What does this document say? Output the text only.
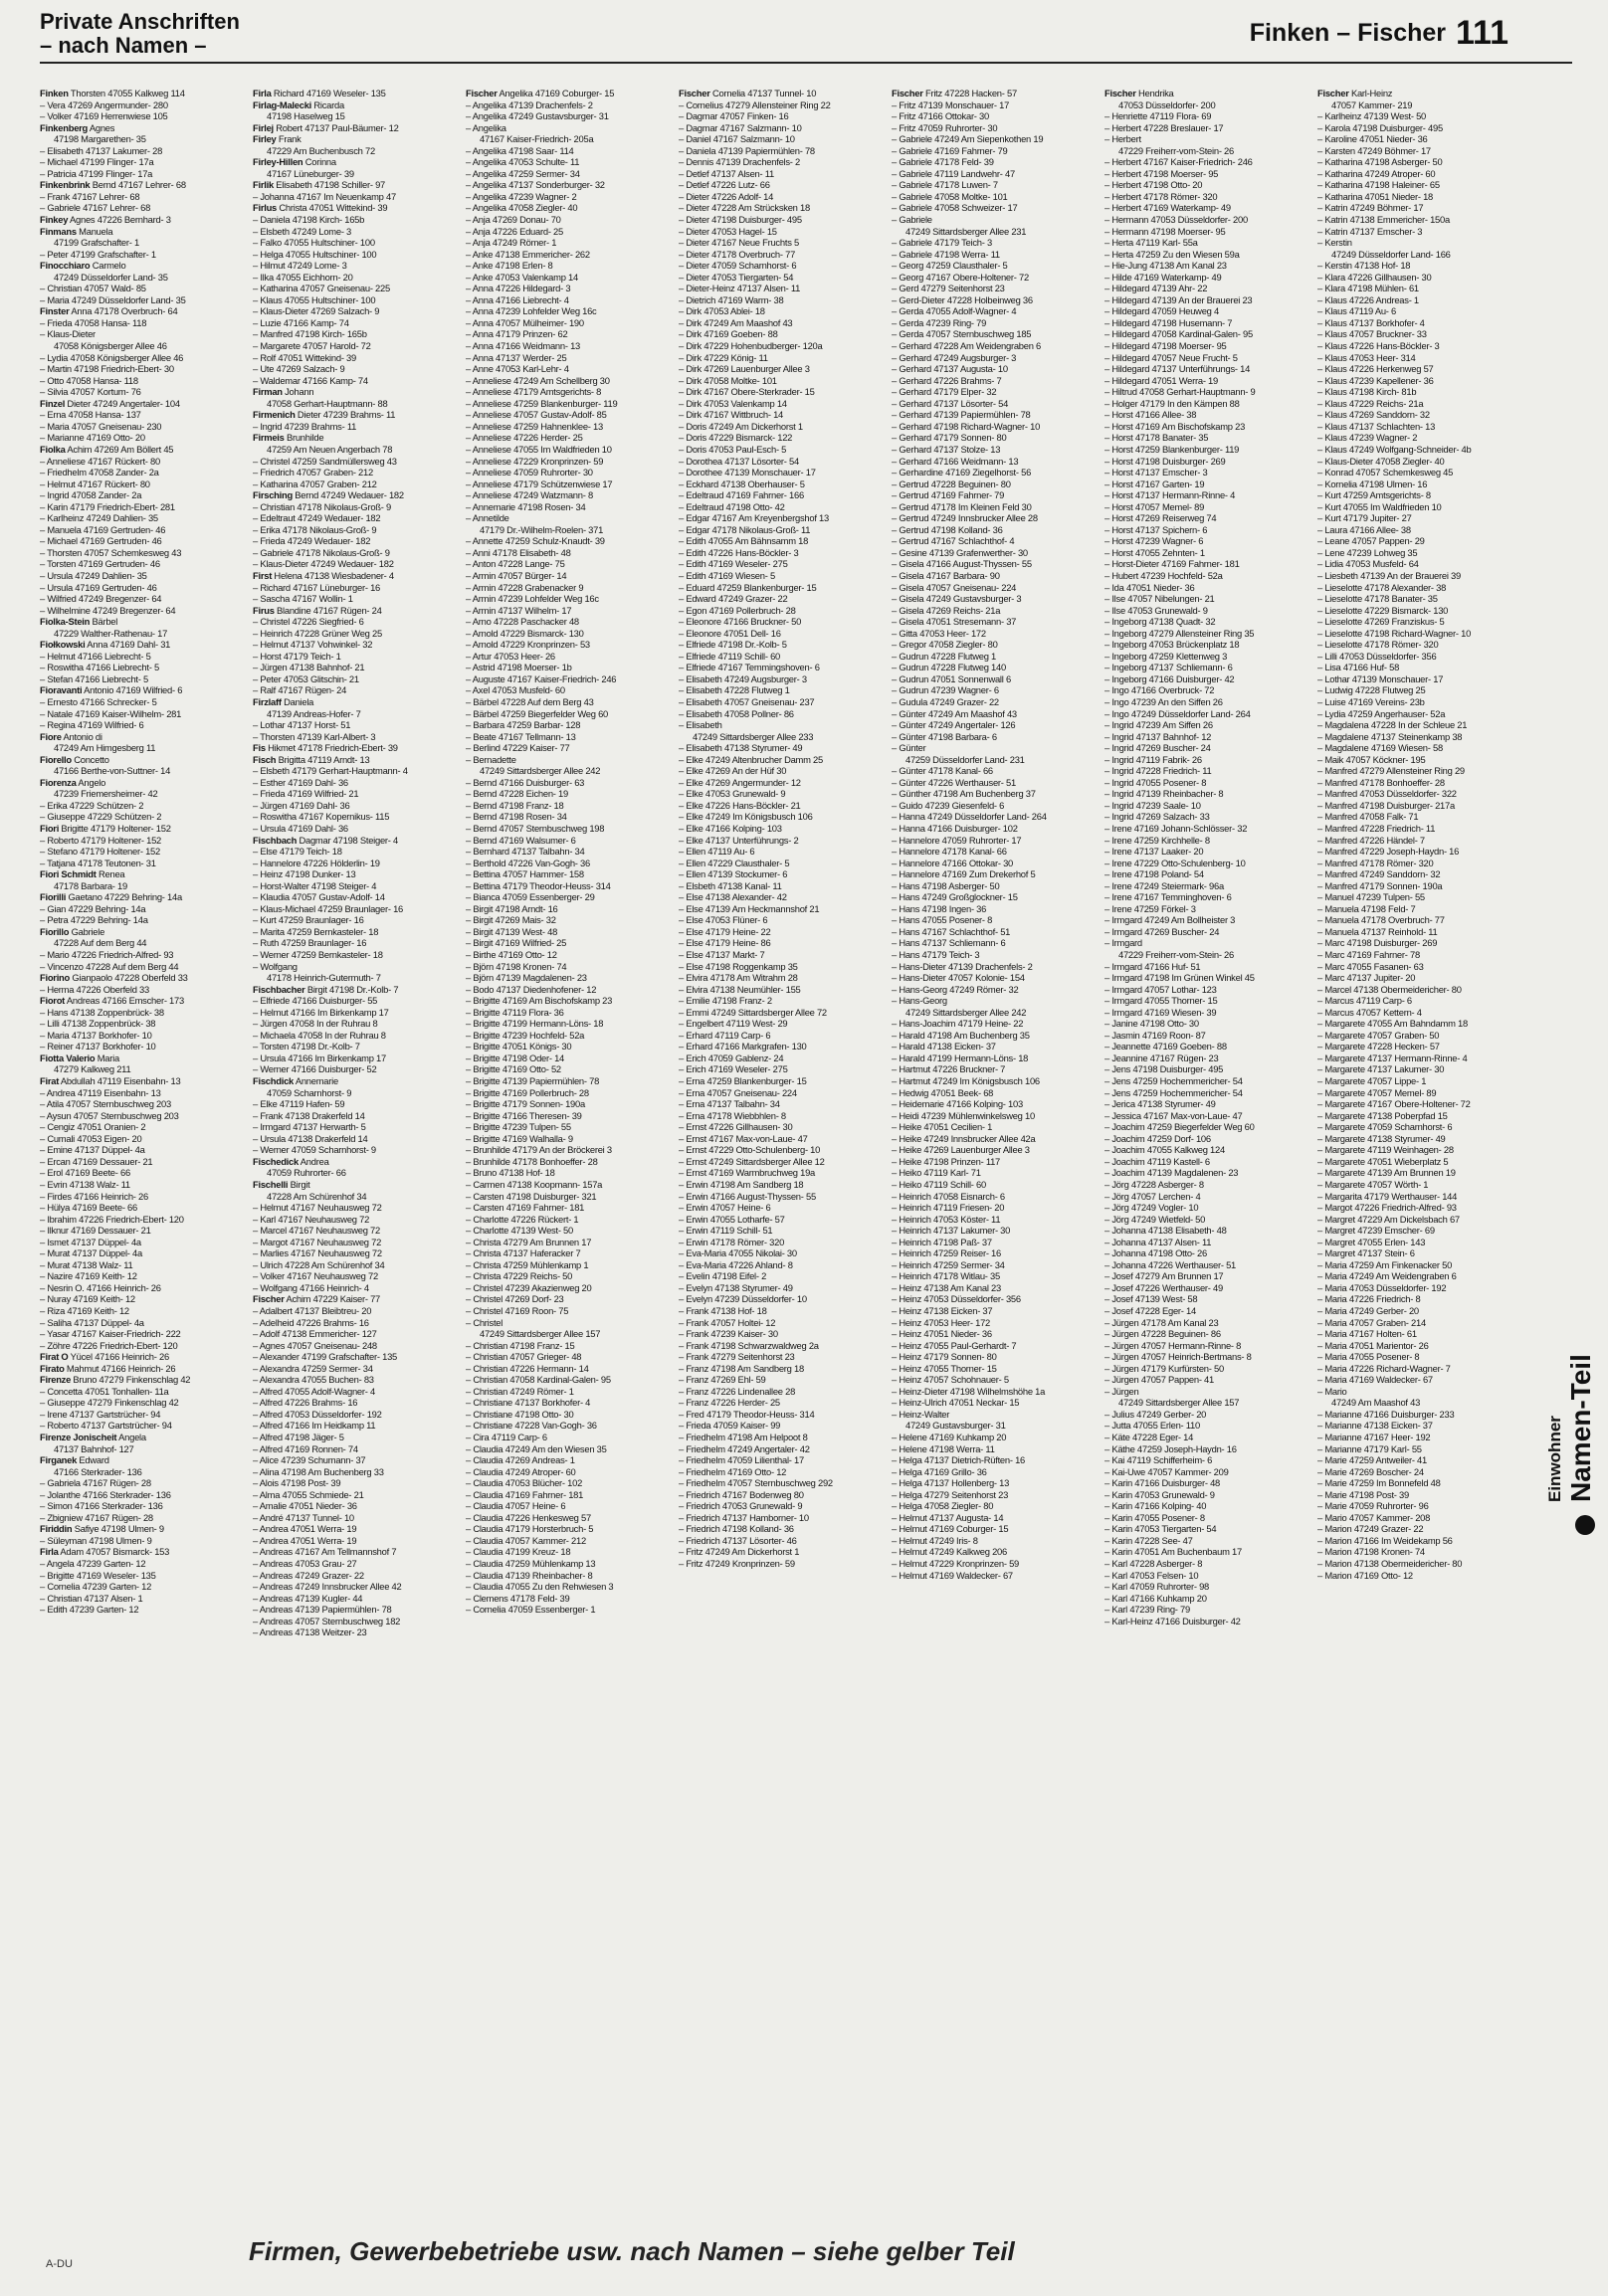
Private Anschriften
– nach Namen –	Finken – Fischer 111
Finken Thorsten 47055 Kalkweg 114
– Vera 47269 Angermunder- 280
– Volker 47169 Herrenwiese 105
Finkenberg Agnes
47198 Margarethen- 35
– Elisabeth 47137 Lakumer- 28
– Michael 47199 Flinger- 17a
– Patricia 47199 Flinger- 17a
Finkenbrink Bernd 47167 Lehrer- 68
– Frank 47167 Lehrer- 68
– Gabriele 47167 Lehrer- 68
Finkey Agnes 47226 Bernhard- 3
Finmans Manuela
47199 Grafschafter- 1
– Peter 47199 Grafschafter- 1
Finocchiaro Carmelo
47249 Düsseldorfer Land- 35
– Christian 47057 Wald- 85
– Maria 47249 Düsseldorfer Land- 35
Finster Anna 47178 Overbruch- 64
– Frieda 47058 Hansa- 118
– Klaus-Dieter
47058 Königsberger Allee 46
– Lydia 47058 Königsberger Allee 46
– Martin 47198 Friedrich-Ebert- 30
– Otto 47058 Hansa- 118
– Silvia 47057 Kortum- 76
Finzel Dieter 47249 Angertaler- 104
– Erna 47058 Hansa- 137
– Maria 47057 Gneisenau- 230
– Marianne 47169 Otto- 20
Fiolka Achim 47269 Am Böllert 45
– Anneliese 47167 Rückert- 80
– Friedhelm 47058 Zander- 2a
– Helmut 47167 Rückert- 80
– Ingrid 47058 Zander- 2a
– Karin 47179 Friedrich-Ebert- 281
– Karlheinz 47249 Dahlien- 35
– Manuela 47169 Gertruden- 46
– Michael 47169 Gertruden- 46
– Thorsten 47057 Schemkesweg 43
– Torsten 47169 Gertruden- 46
– Ursula 47249 Dahlien- 35
– Ursula 47169 Gertruden- 46
– Wilfried 47249 Bregenzer- 64
– Wilhelmine 47249 Bregenzer- 64
Fiolka-Stein Bärbel
47229 Walther-Rathenau- 17
Fiołkowski Anna 47169 Dahl- 31
– Helmut 47166 Liebrecht- 5
– Roswitha 47166 Liebrecht- 5
– Stefan 47166 Liebrecht- 5
Fioravanti Antonio 47169 Wilfried- 6
– Ernesto 47166 Schrecker- 5
– Natale 47169 Kaiser-Wilhelm- 281
– Regina 47169 Wilfried- 6
Fiore Antonio di
47249 Am Himgesberg 11
Fiorello Concetto
47166 Berthe-von-Suttner- 14
Fiorenza Angelo
47239 Friemersheimer- 42
– Erika 47229 Schützen- 2
– Giuseppe 47229 Schützen- 2
Fiori Brigitte 47179 Holtener- 152
– Roberto 47179 Holtener- 152
– Stefano 47179 Holtener- 152
– Tatjana 47178 Teutonen- 31
Fiori Schmidt Renea
47178 Barbara- 19
Fiorilli Gaetano 47229 Behring- 14a
– Gian 47229 Behring- 14a
– Petra 47229 Behring- 14a
Fiorillo Gabriele
47228 Auf dem Berg 44
– Mario 47226 Friedrich-Alfred- 93
– Vincenzo 47228 Auf dem Berg 44
Fiorino Gianpaolo 47228 Oberfeld 33
– Herma 47226 Oberfeld 33
Fiorot Andreas 47166 Emscher- 173
– Hans 47138 Zoppenbrück- 38
– Lilli 47138 Zoppenbrück- 38
– Maria 47137 Borkhofer- 10
– Reiner 47137 Borkhofer- 10
Fiotta Valerio Maria
47279 Kalkweg 211
Firat Abdullah 47119 Eisenbahn- 13
– Andrea 47119 Eisenbahn- 13
– Atila 47057 Sternbuschweg 203
– Aysun 47057 Sternbuschweg 203
– Cengiz 47051 Oranien- 2
– Cumali 47053 Eigen- 20
– Emine 47137 Düppel- 4a
– Ercan 47169 Dessauer- 21
– Erol 47169 Beete- 66
– Evrin 47138 Walz- 11
– Firdes 47166 Heinrich- 26
– Hülya 47169 Beete- 66
– Ibrahim 47226 Friedrich-Ebert- 120
– Ilknur 47169 Dessauer- 21
– Ismet 47137 Düppel- 4a
– Murat 47137 Düppel- 4a
– Murat 47138 Walz- 11
– Nazire 47169 Keith- 12
– Nesrin O. 47166 Heinrich- 26
– Nuray 47169 Keith- 12
– Riza 47169 Keith- 12
– Saliha 47137 Düppel- 4a
– Yasar 47167 Kaiser-Friedrich- 222
– Zöhre 47226 Friedrich-Ebert- 120
Firat O Yücel 47166 Heinrich- 26
Firato Mahmut 47166 Heinrich- 26
Firenze Bruno 47279 Finkenschlag 42
– Concetta 47051 Tonhallen- 11a
– Giuseppe 47279 Finkenschlag 42
– Irene 47137 Gartstrücher- 94
– Roberto 47137 Gartstrücher- 94
Firenze Jonischeit Angela
47137 Bahnhof- 127
Firganek Edward
47166 Sterkrader- 136
– Gabriela 47167 Rügen- 28
– Jolanthe 47166 Sterkrader- 136
– Simon 47166 Sterkrader- 136
– Zbigniew 47167 Rügen- 28
Firiddin Safiye 47198 Ulmen- 9
– Süleyman 47198 Ulmen- 9
Firla Adam 47057 Bismarck- 153
– Angela 47239 Garten- 12
– Brigitte 47169 Weseler- 135
– Cornelia 47239 Garten- 12
– Christian 47137 Alsen- 1
– Edith 47239 Garten- 12
Firla Richard 47169 Weseler- 135
Firlag-Malecki Ricarda
47198 Haselweg 15
Firlej Robert 47137 Paul-Bäumer- 12
Firley Frank
47229 Am Buchenbusch 72
Firley-Hillen Corinna
47167 Lüneburger- 39
Firlik Elisabeth 47198 Schiller- 97
– Johanna 47167 Im Neuenkamp 47
Firlus Christa 47051 Wittekind- 39
– Daniela 47198 Kirch- 165b
– Elsbeth 47249 Lome- 3
– Falko 47055 Hultschiner- 100
– Helga 47055 Hultschiner- 100
– Hilmut 47249 Lome- 3
– Ilka 47055 Eichhorn- 20
– Katharina 47057 Gneisenau- 225
– Klaus 47055 Hultschiner- 100
– Klaus-Dieter 47269 Salzach- 9
– Luzie 47166 Kamp- 74
– Manfred 47198 Kirch- 165b
– Margarete 47057 Harold- 72
– Rolf 47051 Wittekind- 39
– Ute 47269 Salzach- 9
– Waldemar 47166 Kamp- 74
Firman Johann
47058 Gerhart-Hauptmann- 88
Firmenich Dieter 47239 Brahms- 11
– Ingrid 47239 Brahms- 11
Firmeis Brunhilde
47259 Am Neuen Angerbach 78
– Christel 47259 Sandmüllersweg 43
– Friedrich 47057 Graben- 212
– Katharina 47057 Graben- 212
Firsching Bernd 47249 Wedauer- 182
– Christian 47178 Nikolaus-Groß- 9
– Edeltraut 47249 Wedauer- 182
– Erika 47178 Nikolaus-Groß- 9
– Frieda 47249 Wedauer- 182
– Gabriele 47178 Nikolaus-Groß- 9
– Klaus-Dieter 47249 Wedauer- 182
First Helena 47138 Wiesbadener- 4
– Richard 47167 Lüneburger- 16
– Sascha 47167 Wollin- 1
Firus Blandine 47167 Rügen- 24
– Christel 47226 Siegfried- 6
– Heinrich 47228 Grüner Weg 25
– Helmut 47137 Vohwinkel- 32
– Horst 47179 Teich- 1
– Jürgen 47138 Bahnhof- 21
– Peter 47053 Glitschin- 21
– Ralf 47167 Rügen- 24
Firzlaff Daniela
47139 Andreas-Hofer- 7
– Lothar 47137 Horst- 51
– Thorsten 47139 Karl-Albert- 3
Fis Hikmet 47178 Friedrich-Ebert- 39
Fisch Brigitta 47119 Arndt- 13
– Elsbeth 47179 Gerhart-Hauptmann- 4
– Esther 47169 Dahl- 36
– Frieda 47169 Wilfried- 21
– Jürgen 47169 Dahl- 36
– Roswitha 47167 Kopernikus- 115
– Ursula 47169 Dahl- 36
Fischbach Dagmar 47198 Steiger- 4
– Else 47179 Teich- 18
– Hannelore 47226 Hölderlin- 19
– Heinz 47198 Dunker- 13
– Horst-Walter 47198 Steiger- 4
– Klaudia 47057 Gustav-Adolf- 14
– Klaus-Michael 47259 Braunlager- 16
– Kurt 47259 Braunlager- 16
– Marita 47259 Bernkasteler- 18
– Ruth 47259 Braunlager- 16
– Werner 47259 Bernkasteler- 18
– Wolfgang
47178 Heinrich-Gutermuth- 7
Fischbacher Birgit 47198 Dr.-Kolb- 7
– Elfriede 47166 Duisburger- 55
– Helmut 47166 Im Birkenkamp 17
– Jürgen 47058 In der Ruhrau 8
– Michaela 47058 In der Ruhrau 8
– Torsten 47198 Dr.-Kolb- 7
– Ursula 47166 Im Birkenkamp 17
– Werner 47166 Duisburger- 52
Fischdick Annemarie
47059 Scharnhorst- 9
– Elke 47119 Hafen- 59
– Frank 47138 Drakerfeld 14
– Irmgard 47137 Herwarth- 5
– Ursula 47138 Drakerfeld 14
– Werner 47059 Scharnhorst- 9
Fischedick Andrea
47059 Ruhrorter- 66
Fischelli Birgit
47228 Am Schürenhof 34
– Helmut 47167 Neuhausweg 72
– Karl 47167 Neuhausweg 72
– Marcel 47167 Neuhausweg 72
– Margot 47167 Neuhausweg 72
– Marlies 47167 Neuhausweg 72
– Ulrich 47228 Am Schürenhof 34
– Volker 47167 Neuhausweg 72
– Wolfgang 47166 Heinrich- 4
Fischer Achim 47229 Kaiser- 77
– Adalbert 47137 Bleibtreu- 20
– Adelheid 47226 Brahms- 16
– Adolf 47138 Emmericher- 127
– Agnes 47057 Gneisenau- 248
– Alexander 47199 Grafschafter- 135
– Alexandra 47259 Sermer- 34
– Alexandra 47055 Buchen- 83
– Alfred 47055 Adolf-Wagner- 4
– Alfred 47226 Brahms- 16
– Alfred 47053 Düsseldorfer- 192
– Alfred 47166 Im Heidkamp 11
– Alfred 47198 Jäger- 5
– Alfred 47169 Ronnen- 74
– Alice 47239 Schumann- 37
– Alina 47198 Am Buchenberg 33
– Alois 47198 Post- 39
– Alma 47055 Schmiede- 21
– Amalie 47051 Nieder- 36
– André 47137 Tunnel- 10
– Andrea 47051 Werra- 19
– Andrea 47051 Werra- 19
– Andreas 47167 Am Tellmannshof 7
– Andreas 47053 Grau- 27
– Andreas 47249 Grazer- 22
– Andreas 47249 Innsbrucker Allee 42
– Andreas 47139 Kugler- 44
– Andreas 47139 Papiermühlen- 78
– Andreas 47057 Sternbuschweg 182
– Andreas 47138 Weitzer- 23
Fischer Angelika 47169 Coburger- 15
– Angelika 47139 Drachenfels- 2
– Angelika 47249 Gustavsburger- 31
– Angelika
47167 Kaiser-Friedrich- 205a
– Angelika 47198 Saar- 114
– Angelika 47053 Schulte- 11
– Angelika 47259 Sermer- 34
– Angelika 47137 Sonderburger- 32
– Angelika 47239 Wagner- 2
– Angelika 47058 Ziegler- 40
– Anja 47269 Donau- 70
– Anja 47226 Eduard- 25
– Anja 47249 Römer- 1
– Anke 47138 Emmericher- 262
– Anke 47198 Erlen- 8
– Anke 47053 Valenkamp 14
– Anna 47226 Hildegard- 3
– Anna 47166 Liebrecht- 4
– Anna 47239 Lohfelder Weg 16c
– Anna 47057 Mülheimer- 190
– Anna 47179 Prinzen- 62
– Anna 47166 Weidmann- 13
– Anna 47137 Werder- 25
– Anne 47053 Karl-Lehr- 4
– Anneliese 47249 Am Schellberg 30
– Anneliese 47179 Amtsgerichts- 8
– Anneliese 47259 Blankenburger- 119
– Anneliese 47057 Gustav-Adolf- 85
– Anneliese 47259 Hahnenklee- 13
– Anneliese 47226 Herder- 25
– Anneliese 47055 Im Waldfrieden 10
– Anneliese 47229 Kronprinzen- 59
– Anneliese 47059 Ruhrorter- 30
– Anneliese 47179 Schützenwiese 17
– Anneliese 47249 Watzmann- 8
– Annemarie 47198 Rosen- 34
– Annetilde
47179 Dr.-Wilhelm-Roelen- 371
– Annette 47259 Schulz-Knaudt- 39
– Anni 47178 Elisabeth- 48
– Anton 47228 Lange- 75
– Armin 47057 Bürger- 14
– Armin 47228 Grabenacker 9
– Armin 47239 Lohfelder Weg 16c
– Armin 47137 Wilhelm- 17
– Arno 47228 Paschacker 48
– Arnold 47229 Bismarck- 130
– Arnold 47229 Kronprinzen- 53
– Artur 47053 Heer- 26
– Astrid 47198 Moerser- 1b
– Auguste 47167 Kaiser-Friedrich- 246
– Axel 47053 Musfeld- 60
– Bärbel 47228 Auf dem Berg 43
– Bärbel 47259 Biegerfelder Weg 60
– Barbara 47259 Barbar- 128
– Beate 47167 Tellmann- 13
– Berlind 47229 Kaiser- 77
– Bernadette
47249 Sittardsberger Allee 242
– Bernd 47166 Duisburger- 63
– Bernd 47228 Eichen- 19
– Bernd 47198 Franz- 18
– Bernd 47198 Rosen- 34
– Bernd 47057 Sternbuschweg 198
– Bernd 47169 Walsumer- 6
– Bernhard 47137 Talbahn- 34
– Berthold 47226 Van-Gogh- 36
– Bettina 47057 Hammer- 158
– Bettina 47179 Theodor-Heuss- 314
– Bianca 47059 Essenberger- 29
– Birgit 47198 Arndt- 16
– Birgit 47269 Mais- 32
– Birgit 47139 West- 48
– Birgit 47169 Wilfried- 25
– Birthe 47169 Otto- 12
– Björn 47198 Kronen- 74
– Björn 47139 Magdalenen- 23
– Bodo 47137 Diedenhofener- 12
– Brigitte 47169 Am Bischofskamp 23
– Brigitte 47119 Flora- 36
– Brigitte 47199 Hermann-Löns- 18
– Brigitte 47239 Hochfeld- 52a
– Brigitte 47051 Königs- 30
– Brigitte 47198 Oder- 14
– Brigitte 47169 Otto- 52
– Brigitte 47139 Papiermühlen- 78
– Brigitte 47169 Pollerbruch- 28
– Brigitte 47179 Sonnen- 190a
– Brigitte 47166 Theresen- 39
– Brigitte 47239 Tulpen- 55
– Brigitte 47169 Walhalla- 9
– Brunhilde 47179 An der Bröckerei 3
– Brunhilde 47178 Bonhoeffer- 28
– Bruno 47138 Hof- 18
– Carmen 47138 Koopmann- 157a
– Carsten 47198 Duisburger- 321
– Carsten 47169 Fahrner- 181
– Charlotte 47226 Rückert- 1
– Charlotte 47139 West- 50
– Christa 47279 Am Brunnen 17
– Christa 47137 Haferacker 7
– Christa 47259 Mühlenkamp 1
– Christa 47229 Reichs- 50
– Christel 47239 Akazienweg 20
– Christel 47269 Dorf- 23
– Christel 47169 Roon- 75
– Christel
47249 Sittardsberger Allee 157
– Christian 47198 Franz- 15
– Christian 47057 Grieger- 48
– Christian 47226 Hermann- 14
– Christian 47058 Kardinal-Galen- 95
– Christian 47249 Römer- 1
– Christiane 47137 Borkhofer- 4
– Christiane 47198 Otto- 30
– Christiane 47228 Van-Gogh- 36
– Cira 47119 Carp- 6
– Claudia 47249 Am den Wiesen 35
– Claudia 47269 Andreas- 1
– Claudia 47249 Atroper- 60
– Claudia 47053 Blücher- 102
– Claudia 47169 Fahrner- 181
– Claudia 47057 Heine- 6
– Claudia 47226 Henkesweg 57
– Claudia 47179 Horsterbruch- 5
– Claudia 47057 Kammer- 212
– Claudia 47199 Kreuz- 18
– Claudia 47259 Mühlenkamp 13
– Claudia 47139 Rheinbacher- 8
– Claudia 47055 Zu den Rehwiesen 3
– Clemens 47178 Feld- 39
– Cornelia 47059 Essenberger- 1
Fischer Cornelia 47137 Tunnel- 10
– Cornelius 47279 Allensteiner Ring 22
– Dagmar 47057 Finken- 16
– Dagmar 47167 Salzmann- 10
– Daniel 47167 Salzmann- 10
– Daniela 47139 Papiermühlen- 78
– Dennis 47139 Drachenfels- 2
– Detlef 47137 Alsen- 11
– Detlef 47226 Lutz- 66
– Dieter 47226 Adolf- 14
– Dieter 47228 Am Strücksken 18
– Dieter 47198 Duisburger- 495
– Dieter 47053 Hagel- 15
– Dieter 47167 Neue Fruchts 5
– Dieter 47178 Overbruch- 77
– Dieter 47059 Scharnhorst- 6
– Dieter 47053 Tiergarten- 54
– Dieter-Heinz 47137 Alsen- 11
– Dietrich 47169 Warm- 38
– Dirk 47053 Ablei- 18
– Dirk 47249 Am Maashof 43
– Dirk 47169 Goeben- 88
– Dirk 47229 Hohenbudberger- 120a
– Dirk 47229 König- 11
– Dirk 47269 Lauenburger Allee 3
– Dirk 47058 Moltke- 101
– Dirk 47167 Obere-Sterkrader- 15
– Dirk 47053 Valenkamp 14
– Dirk 47167 Wittbruch- 14
– Doris 47249 Am Dickerhorst 1
– Doris 47229 Bismarck- 122
– Doris 47053 Paul-Esch- 5
– Dorothea 47137 Lösorter- 54
– Dorothee 47139 Monschauer- 17
– Eckhard 47138 Oberhauser- 5
– Edeltraud 47169 Fahrner- 166
– Edeltraud 47198 Otto- 42
– Edgar 47167 Am Kreyenbergshof 13
– Edgar 47178 Nikolaus-Groß- 11
– Edith 47055 Am Bähnsamm 18
– Edith 47226 Hans-Böckler- 3
– Edith 47169 Weseler- 275
– Edith 47169 Wiesen- 5
– Eduard 47259 Blankenburger- 15
– Edward 47249 Grazer- 22
– Egon 47169 Pollerbruch- 28
– Eleonore 47166 Bruckner- 50
– Eleonore 47051 Dell- 16
– Elfriede 47198 Dr.-Kolb- 5
– Elfriede 47119 Schill- 60
– Elfriede 47167 Temmingshoven- 6
– Elisabeth 47249 Augsburger- 3
– Elisabeth 47228 Flutweg 1
– Elisabeth 47057 Gneisenau- 237
– Elisabeth 47058 Pollner- 86
– Elisabeth
47249 Sittardsberger Allee 233
– Elisabeth 47138 Styrumer- 49
– Elke 47249 Altenbrucher Damm 25
– Elke 47269 An der Hüf 30
– Elke 47269 Angermunder- 12
– Elke 47053 Grunewald- 9
– Elke 47226 Hans-Böckler- 21
– Elke 47249 Im Königsbusch 106
– Elke 47166 Kolping- 103
– Elke 47137 Unterführungs- 2
– Ellen 47119 Au- 6
– Ellen 47229 Clausthaler- 5
– Ellen 47139 Stockumer- 6
– Elsbeth 47138 Kanal- 11
– Else 47138 Alexander- 42
– Else 47139 Am Heckmannshof 21
– Else 47053 Flüner- 6
– Else 47179 Heine- 22
– Else 47179 Heine- 86
– Else 47137 Markt- 7
– Else 47198 Roggenkamp 35
– Elvira 47178 Am Witrahm 28
– Elvira 47138 Neumühler- 155
– Emilie 47198 Franz- 2
– Emmi 47249 Sittardsberger Allee 72
– Engelbert 47119 West- 29
– Erhard 47119 Carp- 6
– Erhard 47166 Markgrafen- 130
– Erich 47059 Gablenz- 24
– Erich 47169 Weseler- 275
– Erna 47259 Blankenburger- 15
– Erna 47057 Gneisenau- 224
– Erna 47137 Talbahn- 34
– Erna 47178 Wiebbhlen- 8
– Ernst 47226 Gillhausen- 30
– Ernst 47167 Max-von-Laue- 47
– Ernst 47229 Otto-Schulenberg- 10
– Ernst 47249 Sittardsberger Allee 12
– Ernst 47169 Warmbruchweg 19a
– Erwin 47198 Am Sandberg 18
– Erwin 47166 August-Thyssen- 55
– Erwin 47057 Heine- 6
– Erwin 47055 Lotharfe- 57
– Erwin 47119 Schill- 51
– Erwin 47178 Römer- 320
– Eva-Maria 47055 Nikolai- 30
– Eva-Maria 47226 Ahland- 8
– Evelin 47198 Eifel- 2
– Evelyn 47138 Styrumer- 49
– Evelyn 47239 Düsseldorfer- 10
– Frank 47138 Hof- 18
– Frank 47057 Holtei- 12
– Frank 47239 Kaiser- 30
– Frank 47198 Schwarzwaldweg 2a
– Frank 47279 Seitenhorst 23
– Franz 47198 Am Sandberg 18
– Franz 47269 Ehl- 59
– Franz 47226 Lindenallee 28
– Franz 47226 Herder- 25
– Fred 47179 Theodor-Heuss- 314
– Frieda 47059 Kaiser- 99
– Friedhelm 47198 Am Helpoot 8
– Friedhelm 47249 Angertaler- 42
– Friedhelm 47059 Lilienthal- 17
– Friedhelm 47169 Otto- 12
– Friedhelm 47057 Sternbuschweg 292
– Friedrich 47167 Bodenweg 80
– Friedrich 47053 Grunewald- 9
– Friedrich 47137 Hamborner- 10
– Friedrich 47198 Kolland- 36
– Friedrich 47137 Lösorter- 46
– Fritz 47249 Am Dickerhorst 1
– Fritz 47249 Kronprinzen- 59
Fischer Fritz 47228 Hacken- 57
– Fritz 47139 Monschauer- 17
– Fritz 47166 Ottokar- 30
– Fritz 47059 Ruhrorter- 30
– Gabriele 47249 Am Siepenkothen 19
– Gabriele 47169 Fahrner- 79
– Gabriele 47178 Feld- 39
– Gabriele 47119 Landwehr- 47
– Gabriele 47178 Luwen- 7
– Gabriele 47058 Moltke- 101
– Gabriele 47058 Schweizer- 17
– Gabriele
47249 Sittardsberger Allee 231
– Gabriele 47179 Teich- 3
– Gabriele 47198 Werra- 11
– Georg 47259 Clausthaler- 5
– Georg 47167 Obere-Holtener- 72
– Gerd 47279 Seitenhorst 23
– Gerd-Dieter 47228 Holbeinweg 36
– Gerda 47055 Adolf-Wagner- 4
– Gerda 47239 Ring- 79
– Gerda 47057 Sternbuschweg 185
– Gerhard 47228 Am Weidengraben 6
– Gerhard 47249 Augsburger- 3
– Gerhard 47137 Augusta- 10
– Gerhard 47226 Brahms- 7
– Gerhard 47179 Elper- 32
– Gerhard 47137 Lösorter- 54
– Gerhard 47139 Papiermühlen- 78
– Gerhard 47198 Richard-Wagner- 10
– Gerhard 47179 Sonnen- 80
– Gerhard 47137 Stolze- 13
– Gerhard 47166 Weidmann- 13
– Gerhardine 47169 Ziegelhorst- 56
– Gertrud 47228 Beguinen- 80
– Gertrud 47169 Fahrner- 79
– Gertrud 47178 Im Kleinen Feld 30
– Gertrud 47249 Innsbrucker Allee 28
– Gertrud 47198 Kolland- 36
– Gertrud 47167 Schlachthof- 4
– Gesine 47139 Grafenwerther- 30
– Gisela 47166 August-Thyssen- 55
– Gisela 47167 Barbara- 90
– Gisela 47057 Gneisenau- 224
– Gisela 47249 Gustavsburger- 3
– Gisela 47269 Reichs- 21a
– Gisela 47051 Stresemann- 37
– Gitta 47053 Heer- 172
– Gregor 47058 Ziegler- 80
– Gudrun 47228 Flutweg 1
– Gudrun 47228 Flutweg 140
– Gudrun 47051 Sonnenwall 6
– Gudrun 47239 Wagner- 6
– Gudula 47249 Grazer- 22
– Günter 47249 Am Maashof 43
– Günter 47249 Angertaler- 126
– Günter 47198 Barbara- 6
– Günter
47259 Düsseldorfer Land- 231
– Günter 47178 Kanal- 66
– Günter 47226 Werthauser- 51
– Günther 47198 Am Buchenberg 37
– Guido 47239 Giesenfeld- 6
– Hanna 47249 Düsseldorfer Land- 264
– Hanna 47166 Duisburger- 102
– Hannelore 47059 Ruhrorter- 17
– Hannelore 47178 Kanal- 66
– Hannelore 47166 Ottokar- 30
– Hannelore 47169 Zum Drekerhof 5
– Hans 47198 Asberger- 50
– Hans 47249 Großglockner- 15
– Hans 47198 Ingen- 36
– Hans 47055 Posener- 8
– Hans 47167 Schlachthof- 51
– Hans 47137 Schliemann- 6
– Hans 47179 Teich- 3
– Hans-Dieter 47139 Drachenfels- 2
– Hans-Dieter 47057 Kolonie- 154
– Hans-Georg 47249 Römer- 32
– Hans-Georg
47249 Sittardsberger Allee 242
– Hans-Joachim 47179 Heine- 22
– Harald 47198 Am Buchenberg 35
– Harald 47138 Eicken- 37
– Harald 47199 Hermann-Löns- 18
– Hartmut 47226 Bruckner- 7
– Hartmut 47249 Im Königsbusch 106
– Hedwig 47051 Beek- 68
– Heidemarie 47166 Kolping- 103
– Heidi 47239 Mühlenwinkelsweg 10
– Heike 47051 Cecilien- 1
– Heike 47249 Innsbrucker Allee 42a
– Heike 47269 Lauenburger Allee 3
– Heike 47198 Prinzen- 117
– Heiko 47119 Karl- 71
– Heiko 47119 Schill- 60
– Heinrich 47058 Eisnarch- 6
– Heinrich 47119 Friesen- 20
– Heinrich 47053 Köster- 11
– Heinrich 47137 Lakumer- 30
– Heinrich 47198 Paß- 37
– Heinrich 47259 Reiser- 16
– Heinrich 47259 Sermer- 34
– Heinrich 47178 Witlau- 35
– Heinz 47138 Am Kanal 23
– Heinz 47053 Düsseldorfer- 356
– Heinz 47138 Eicken- 37
– Heinz 47053 Heer- 172
– Heinz 47051 Nieder- 36
– Heinz 47055 Paul-Gerhardt- 7
– Heinz 47179 Sonnen- 80
– Heinz 47055 Thorner- 15
– Heinz 47057 Schohnauer- 5
– Heinz-Dieter 47198 Wilhelmshöhe 1a
– Heinz-Ulrich 47051 Neckar- 15
– Heinz-Walter
47249 Gustavsburger- 31
– Helene 47169 Kuhkamp 20
– Helene 47198 Werra- 11
– Helga 47137 Dietrich-Rüften- 16
– Helga 47169 Grillo- 36
– Helga 47137 Hollenberg- 13
– Helga 47279 Seitenhorst 23
– Helga 47058 Ziegler- 80
– Helmut 47137 Augusta- 14
– Helmut 47169 Coburger- 15
– Helmut 47249 Iris- 8
– Helmut 47249 Kalkweg 206
– Helmut 47229 Kronprinzen- 59
– Helmut 47169 Waldecker- 67
Fischer Hendrika
47053 Düsseldorfer- 200
– Henriette 47119 Flora- 69
– Herbert 47228 Breslauer- 17
– Herbert
47229 Freiherr-vom-Stein- 26
– Herbert 47167 Kaiser-Friedrich- 246
– Herbert 47198 Moerser- 95
– Herbert 47198 Otto- 20
– Herbert 47178 Römer- 320
– Herbert 47169 Waterkamp- 49
– Hermann 47053 Düsseldorfer- 200
– Hermann 47198 Moerser- 95
– Herta 47119 Karl- 55a
– Herta 47259 Zu den Wiesen 59a
– Hie-Jung 47138 Am Kanal 23
– Hilde 47169 Waterkamp- 49
– Hildegard 47139 Ahr- 22
– Hildegard 47139 An der Brauerei 23
– Hildegard 47059 Heuweg 4
– Hildegard 47198 Husemann- 7
– Hildegard 47058 Kardinal-Galen- 95
– Hildegard 47198 Moerser- 95
– Hildegard 47057 Neue Frucht- 5
– Hildegard 47137 Unterführungs- 14
– Hildegard 47051 Werra- 19
– Hiltrud 47058 Gerhart-Hauptmann- 9
– Holger 47179 In den Kämpen 88
– Horst 47166 Allee- 38
– Horst 47169 Am Bischofskamp 23
– Horst 47178 Banater- 35
– Horst 47259 Blankenburger- 119
– Horst 47198 Duisburger- 269
– Horst 47137 Emscher- 3
– Horst 47167 Garten- 19
– Horst 47137 Hermann-Rinne- 4
– Horst 47057 Memel- 89
– Horst 47269 Reiserweg 74
– Horst 47137 Spichern- 6
– Horst 47239 Wagner- 6
– Horst 47055 Zehnten- 1
– Horst-Dieter 47169 Fahrner- 181
– Hubert 47239 Hochfeld- 52a
– Ida 47051 Nieder- 36
– Ilse 47057 Nibelungen- 21
– Ilse 47053 Grunewald- 9
– Ingeborg 47138 Quadt- 32
– Ingeborg 47279 Allensteiner Ring 35
– Ingeborg 47053 Brückenplatz 18
– Ingeborg 47259 Klettenweg 3
– Ingeborg 47137 Schliemann- 6
– Ingeborg 47166 Duisburger- 42
– Ingo 47166 Overbruck- 72
– Ingo 47239 An den Siffen 26
– Ingo 47249 Düsseldorfer Land- 264
– Ingrid 47239 Am Siffen 26
– Ingrid 47137 Bahnhof- 12
– Ingrid 47269 Buscher- 24
– Ingrid 47119 Fabrik- 26
– Ingrid 47228 Friedrich- 11
– Ingrid 47055 Posener- 8
– Ingrid 47139 Rheinbacher- 8
– Ingrid 47239 Saale- 10
– Ingrid 47269 Salzach- 33
– Irene 47169 Johann-Schlösser- 32
– Irene 47259 Kirchhelle- 8
– Irene 47137 Laaker- 20
– Irene 47229 Otto-Schulenberg- 10
– Irene 47198 Poland- 54
– Irene 47249 Steiermark- 96a
– Irene 47167 Temminghoven- 6
– Irene 47259 Förkel- 3
– Irmgard 47249 Am Bollheister 3
– Irmgard 47269 Buscher- 24
– Irmgard
47229 Freiherr-vom-Stein- 26
– Irmgard 47166 Huf- 51
– Irmgard 47198 Im Grünen Winkel 45
– Irmgard 47057 Lothar- 123
– Irmgard 47055 Thorner- 15
– Irmgard 47169 Wiesen- 39
– Janine 47198 Otto- 30
– Jasmin 47169 Roon- 87
– Jeannette 47169 Goeben- 88
– Jeannine 47167 Rügen- 23
– Jens 47198 Duisburger- 495
– Jens 47259 Hochemmericher- 54
– Jens 47259 Hochemmericher- 54
– Jerica 47138 Styrumer- 49
– Jessica 47167 Max-von-Laue- 47
– Joachim 47259 Biegerfelder Weg 60
– Joachim 47259 Dorf- 106
– Joachim 47055 Kalkweg 124
– Joachim 47119 Kastell- 6
– Joachim 47139 Magdalenen- 23
– Jörg 47228 Asberger- 8
– Jörg 47057 Lerchen- 4
– Jörg 47249 Vogler- 10
– Jörg 47249 Wietfeld- 50
– Johanna 47138 Elisabeth- 48
– Johanna 47137 Alsen- 11
– Johanna 47198 Otto- 26
– Johanna 47226 Werthauser- 51
– Josef 47279 Am Brunnen 17
– Josef 47226 Werthauser- 49
– Josef 47139 West- 58
– Josef 47228 Eger- 14
– Jürgen 47178 Am Kanal 23
– Jürgen 47228 Beguinen- 86
– Jürgen 47057 Hermann-Rinne- 8
– Jürgen 47057 Heinrich-Bertmans- 8
– Jürgen 47179 Kurfürsten- 50
– Jürgen 47057 Pappen- 41
– Jürgen
47249 Sittardsberger Allee 157
– Julius 47249 Gerber- 20
– Jutta 47055 Erlen- 110
– Käte 47228 Eger- 14
– Käthe 47259 Joseph-Haydn- 16
– Kai 47119 Schifferheim- 6
– Kai-Uwe 47057 Kammer- 209
– Karin 47166 Duisburger- 48
– Karin 47053 Grunewald- 9
– Karin 47166 Kolping- 40
– Karin 47055 Posener- 8
– Karin 47053 Tiergarten- 54
– Karin 47228 See- 47
– Karin 47051 Am Buchenbaum 17
– Karl 47228 Asberger- 8
– Karl 47053 Felsen- 10
– Karl 47059 Ruhrorter- 98
– Karl 47166 Kuhkamp 20
– Karl 47239 Ring- 79
– Karl-Heinz 47166 Duisburger- 42
Fischer Karl-Heinz
47057 Kammer- 219
– Karlheinz 47139 West- 50
– Karola 47198 Duisburger- 495
– Karoline 47051 Nieder- 36
– Karsten 47249 Böhmer- 17
– Katharina 47198 Asberger- 50
– Katharina 47249 Atroper- 60
– Katharina 47198 Haleiner- 65
– Katharina 47051 Nieder- 18
– Katrin 47249 Böhmer- 17
– Katrin 47138 Emmericher- 150a
– Katrin 47137 Emscher- 3
– Kerstin
47249 Düsseldorfer Land- 166
– Kerstin 47138 Hof- 18
– Klara 47226 Gillhausen- 30
– Klara 47198 Mühlen- 61
– Klaus 47226 Andreas- 1
– Klaus 47119 Au- 6
– Klaus 47137 Borkhofer- 4
– Klaus 47057 Bruckner- 33
– Klaus 47226 Hans-Böckler- 3
– Klaus 47053 Heer- 314
– Klaus 47226 Herkenweg 57
– Klaus 47239 Kapellener- 36
– Klaus 47198 Kirch- 81b
– Klaus 47229 Reichs- 21a
– Klaus 47269 Sanddorn- 32
– Klaus 47137 Schlachten- 13
– Klaus 47239 Wagner- 2
– Klaus 47249 Wolfgang-Schneider- 4b
– Klaus-Dieter 47058 Ziegler- 40
– Konrad 47057 Schemkesweg 45
– Kornelia 47198 Ulmen- 16
– Kurt 47259 Amtsgerichts- 8
– Kurt 47055 Im Waldfrieden 10
– Kurt 47179 Jupiter- 27
– Laura 47166 Allee- 38
– Leane 47057 Pappen- 29
– Lene 47239 Lohweg 35
– Lidia 47053 Musfeld- 64
– Liesbeth 47139 An der Brauerei 39
– Lieselotte 47178 Alexander- 38
– Lieselotte 47178 Banater- 35
– Lieselotte 47229 Bismarck- 130
– Lieselotte 47269 Franziskus- 5
– Lieselotte 47198 Richard-Wagner- 10
– Lieselotte 47178 Römer- 320
– Lilli 47053 Düsseldorfer- 356
– Lisa 47166 Huf- 58
– Lothar 47139 Monschauer- 17
– Ludwig 47228 Flutweg 25
– Luise 47169 Vereins- 23b
– Lydia 47259 Angerhauser- 52a
– Magdalena 47228 In der Schleue 21
– Magdalene 47137 Steinenkamp 38
– Magdalene 47169 Wiesen- 58
– Maik 47057 Köckner- 195
– Manfred 47279 Allensteiner Ring 29
– Manfred 47178 Bonhoeffer- 28
– Manfred 47053 Düsseldorfer- 322
– Manfred 47198 Duisburger- 217a
– Manfred 47058 Falk- 71
– Manfred 47228 Friedrich- 11
– Manfred 47226 Händel- 7
– Manfred 47229 Joseph-Haydn- 16
– Manfred 47178 Römer- 320
– Manfred 47249 Sanddorn- 32
– Manfred 47179 Sonnen- 190a
– Manuel 47239 Tulpen- 55
– Manuela 47198 Feld- 7
– Manuela 47178 Overbruch- 77
– Manuela 47137 Reinhold- 11
– Marc 47198 Duisburger- 269
– Marc 47169 Fahrner- 78
– Marc 47055 Fasanen- 63
– Marc 47137 Jupiter- 20
– Marcel 47138 Obermeidericher- 80
– Marcus 47119 Carp- 6
– Marcus 47057 Kettern- 4
– Margarete 47055 Am Bahndamm 18
– Margarete 47057 Graben- 50
– Margarete 47228 Hecken- 57
– Margarete 47137 Hermann-Rinne- 4
– Margarete 47137 Lakumer- 30
– Margarete 47057 Lippe- 1
– Margarete 47057 Memel- 89
– Margarete 47167 Obere-Holtener- 72
– Margarete 47138 Poberpfad 15
– Margarete 47059 Scharnhorst- 6
– Margarete 47138 Styrumer- 49
– Margarete 47119 Weinhagen- 28
– Margarete 47051 Wieberplatz 5
– Margarete 47139 Am Brunnen 19
– Margarete 47057 Wörth- 1
– Margarita 47179 Werthauser- 144
– Margot 47226 Friedrich-Alfred- 93
– Margret 47229 Am Dickelsbach 67
– Margret 47239 Emscher- 69
– Margret 47055 Erlen- 143
– Margret 47137 Stein- 6
– Maria 47259 Am Finkenacker 50
– Maria 47249 Am Weidengraben 6
– Maria 47053 Düsseldorfer- 192
– Maria 47226 Friedrich- 8
– Maria 47249 Gerber- 20
– Maria 47057 Graben- 214
– Maria 47167 Holten- 61
– Maria 47051 Marientor- 26
– Maria 47055 Posener- 8
– Maria 47226 Richard-Wagner- 7
– Maria 47169 Waldecker- 67
– Mario
47249 Am Maashof 43
– Marianne 47166 Duisburger- 233
– Marianne 47138 Eicken- 37
– Marianne 47167 Heer- 192
– Marianne 47179 Karl- 55
– Marie 47259 Antweiler- 41
– Marie 47269 Boscher- 24
– Marie 47259 Im Bonnefeld 48
– Marie 47198 Post- 39
– Marie 47059 Ruhrorter- 96
– Mario 47057 Kammer- 208
– Marion 47249 Grazer- 22
– Marion 47166 Im Weidekamp 56
– Marion 47198 Kronen- 74
– Marion 47138 Obermeidericher- 80
– Marion 47169 Otto- 12
Einwohner Namen-Teil
A-DU	Firmen, Gewerbebetriebe usw. nach Namen – siehe gelber Teil
